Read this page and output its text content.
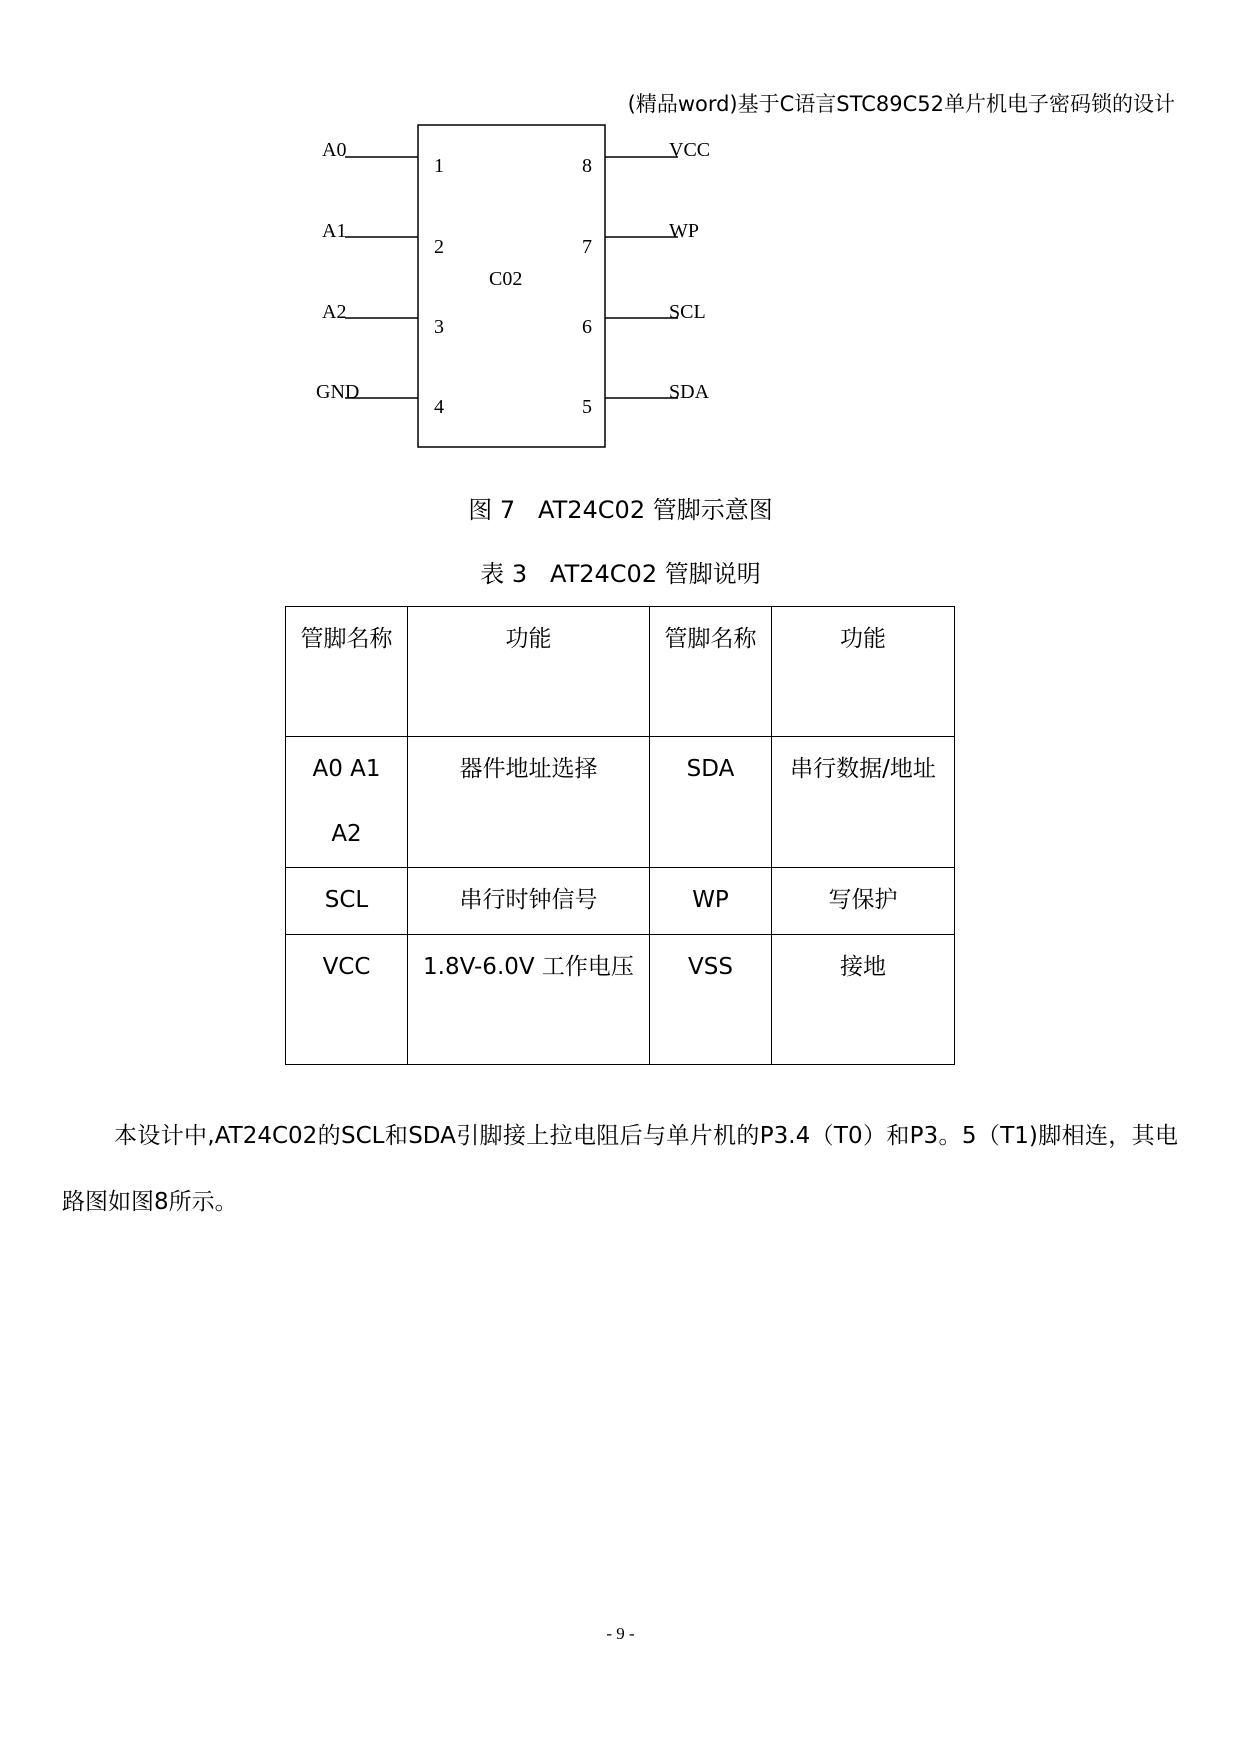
(精品word)基于C语言STC89C52单片机电子密码锁的设计
A0
A1
A2
GND
1
2
3
4
C02
8
7
6
5
VCC
WP
SCL
SDA
图 7   AT24C02 管脚示意图
表 3   AT24C02 管脚说明
管脚名称	功能	管脚名称	功能

A0 A1 A2	器件地址选择	SDA	串行数据/地址

SCL	串行时钟信号	WP	写保护

VCC	1.8V-6.0V 工作电压	VSS	接地
本设计中,AT24C02的SCL和SDA引脚接上拉电阻后与单片机的P3.4（T0）和P3。5（T1)脚相连，其电路图如图8所示。
- 9 -
